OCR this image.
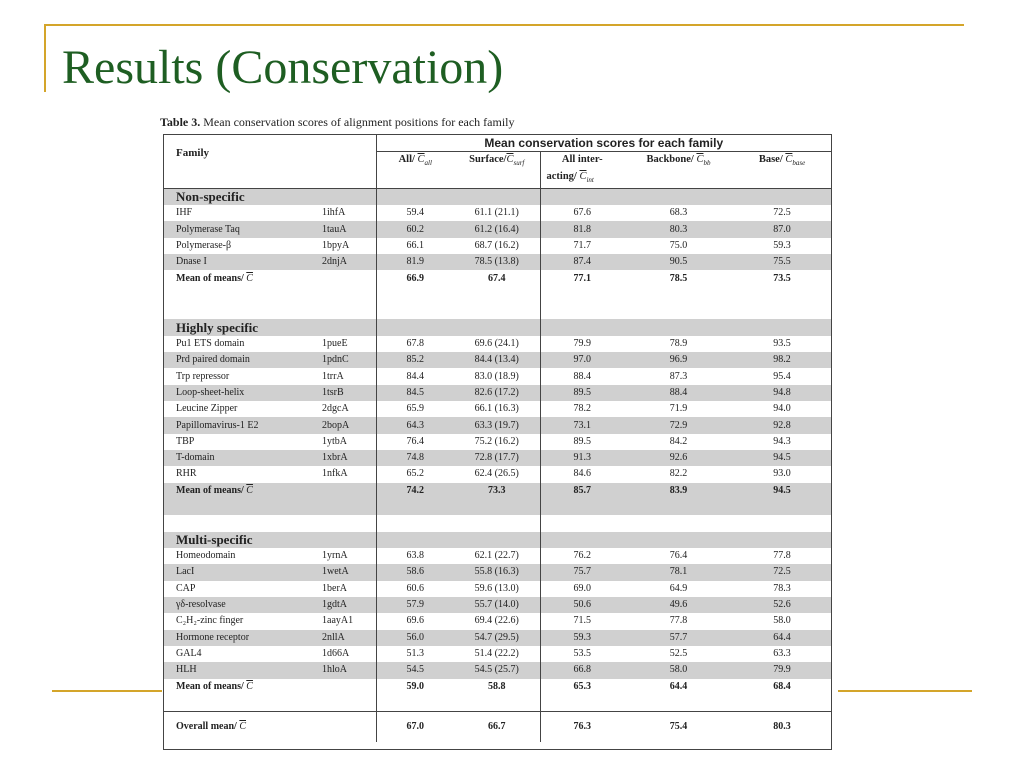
Results (Conservation)
Table 3. Mean conservation scores of alignment positions for each family
Family		Mean conservation scores for each family				
		All/ $\overline{C}_{all}$	Surface/$\overline{C}_{surf}$	All inter-	Backbone/ $\overline{C}_{bb}$	Base/ $\overline{C}_{base}$
				acting/ $\overline{C}_{int}$
Non-specific						
IHF	1ihfA	59.4	61.1 (21.1)	67.6	68.3	72.5
Polymerase Taq	1tauA	60.2	61.2 (16.4)	81.8	80.3	87.0
Polymerase-β	1bpyA	66.1	68.7 (16.2)	71.7	75.0	59.3
Dnase I	2dnjA	81.9	78.5 (13.8)	87.4	90.5	75.5
Mean of means/ $\overline{C}$		66.9	67.4	77.1	78.5	73.5

Highly specific						
Pu1 ETS domain	1pueE	67.8	69.6 (24.1)	79.9	78.9	93.5
Prd paired domain	1pdnC	85.2	84.4 (13.4)	97.0	96.9	98.2
Trp repressor	1trrA	84.4	83.0 (18.9)	88.4	87.3	95.4
Loop-sheet-helix	1tsrB	84.5	82.6 (17.2)	89.5	88.4	94.8
Leucine Zipper	2dgcA	65.9	66.1 (16.3)	78.2	71.9	94.0
Papillomavirus-1 E2	2bopA	64.3	63.3 (19.7)	73.1	72.9	92.8
TBP	1ytbA	76.4	75.2 (16.2)	89.5	84.2	94.3
T-domain	1xbrA	74.8	72.8 (17.7)	91.3	92.6	94.5
RHR	1nfkA	65.2	62.4 (26.5)	84.6	82.2	93.0
Mean of means/ $\overline{C}$		74.2	73.3	85.7	83.9	94.5

Multi-specific						
Homeodomain	1yrnA	63.8	62.1 (22.7)	76.2	76.4	77.8
LacI	1wetA	58.6	55.8 (16.3)	75.7	78.1	72.5
CAP	1berA	60.6	59.6 (13.0)	69.0	64.9	78.3
γδ-resolvase	1gdtA	57.9	55.7 (14.0)	50.6	49.6	52.6
C₂H₂-zinc finger	1aayA1	69.6	69.4 (22.6)	71.5	77.8	58.0
Hormone receptor	2nllA	56.0	54.7 (29.5)	59.3	57.7	64.4
GAL4	1d66A	51.3	51.4 (22.2)	53.5	52.5	63.3
HLH	1hloA	54.5	54.5 (25.7)	66.8	58.0	79.9
Mean of means/ $\overline{C}$		59.0	58.8	65.3	64.4	68.4

Overall mean/ $\overline{C}$		67.0	66.7	76.3	75.4	80.3
